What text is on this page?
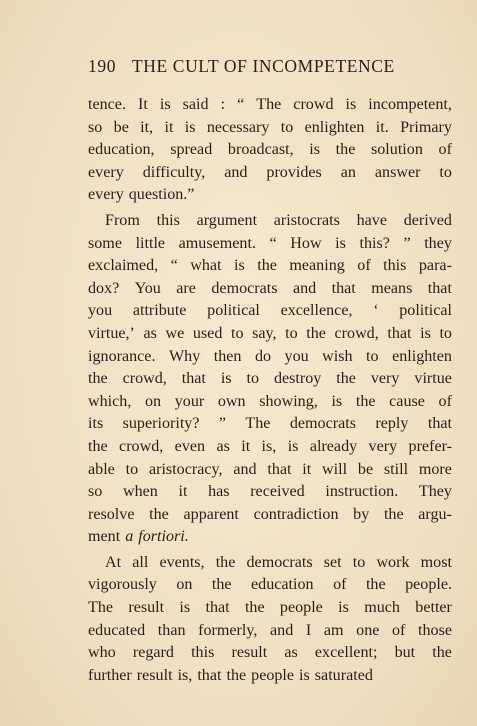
190 THE CULT OF INCOMPETENCE
tence. It is said : “ The crowd is incompetent,
so be it, it is necessary to enlighten it. Primary
education, spread broadcast, is the solution of
every difficulty, and provides an answer to
every question.”
From this argument aristocrats have derived
some little amusement. “ How is this? ” they
exclaimed, “ what is the meaning of this para-
dox? You are democrats and that means that
you attribute political excellence, ‘ political
virtue,’ as we used to say, to the crowd, that is to
ignorance. Why then do you wish to enlighten
the crowd, that is to destroy the very virtue
which, on your own showing, is the cause of
its superiority? ” The democrats reply that
the crowd, even as it is, is already very prefer-
able to aristocracy, and that it will be still more
so when it has received instruction. They
resolve the apparent contradiction by the argu-
ment a fortiori.
At all events, the democrats set to work most
vigorously on the education of the people.
The result is that the people is much better
educated than formerly, and I am one of those
who regard this result as excellent; but the
further result is, that the people is saturated
